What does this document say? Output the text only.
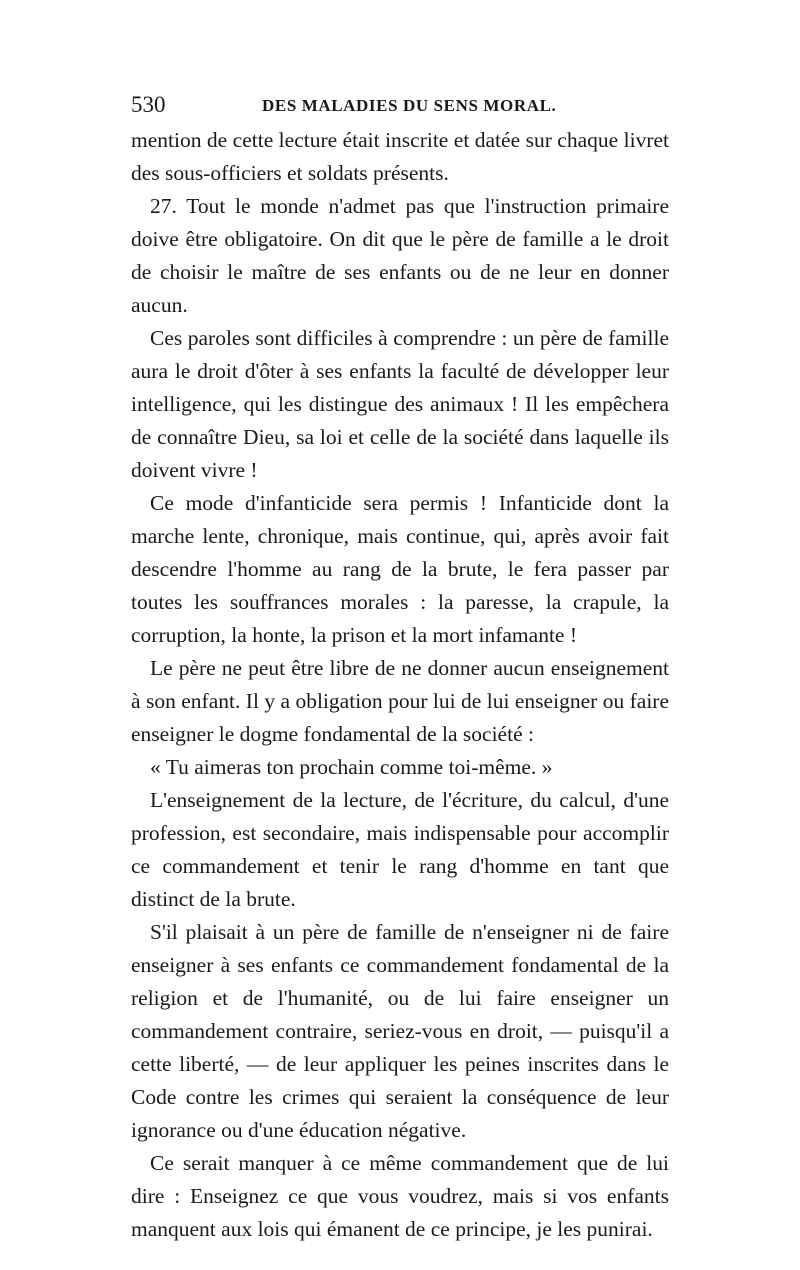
530	DES MALADIES DU SENS MORAL.

mention de cette lecture était inscrite et datée sur chaque livret des sous-officiers et soldats présents.

27. Tout le monde n'admet pas que l'instruction primaire doive être obligatoire. On dit que le père de famille a le droit de choisir le maître de ses enfants ou de ne leur en donner aucun.

Ces paroles sont difficiles à comprendre : un père de famille aura le droit d'ôter à ses enfants la faculté de développer leur intelligence, qui les distingue des animaux ! Il les empêchera de connaître Dieu, sa loi et celle de la société dans laquelle ils doivent vivre !

Ce mode d'infanticide sera permis ! Infanticide dont la marche lente, chronique, mais continue, qui, après avoir fait descendre l'homme au rang de la brute, le fera passer par toutes les souffrances morales : la paresse, la crapule, la corruption, la honte, la prison et la mort infamante !

Le père ne peut être libre de ne donner aucun enseignement à son enfant. Il y a obligation pour lui de lui enseigner ou faire enseigner le dogme fondamental de la société :

« Tu aimeras ton prochain comme toi-même. »

L'enseignement de la lecture, de l'écriture, du calcul, d'une profession, est secondaire, mais indispensable pour accomplir ce commandement et tenir le rang d'homme en tant que distinct de la brute.

S'il plaisait à un père de famille de n'enseigner ni de faire enseigner à ses enfants ce commandement fondamental de la religion et de l'humanité, ou de lui faire enseigner un commandement contraire, seriez-vous en droit, — puisqu'il a cette liberté, — de leur appliquer les peines inscrites dans le Code contre les crimes qui seraient la conséquence de leur ignorance ou d'une éducation négative.

Ce serait manquer à ce même commandement que de lui dire : Enseignez ce que vous voudrez, mais si vos enfants manquent aux lois qui émanent de ce principe, je les punirai.
